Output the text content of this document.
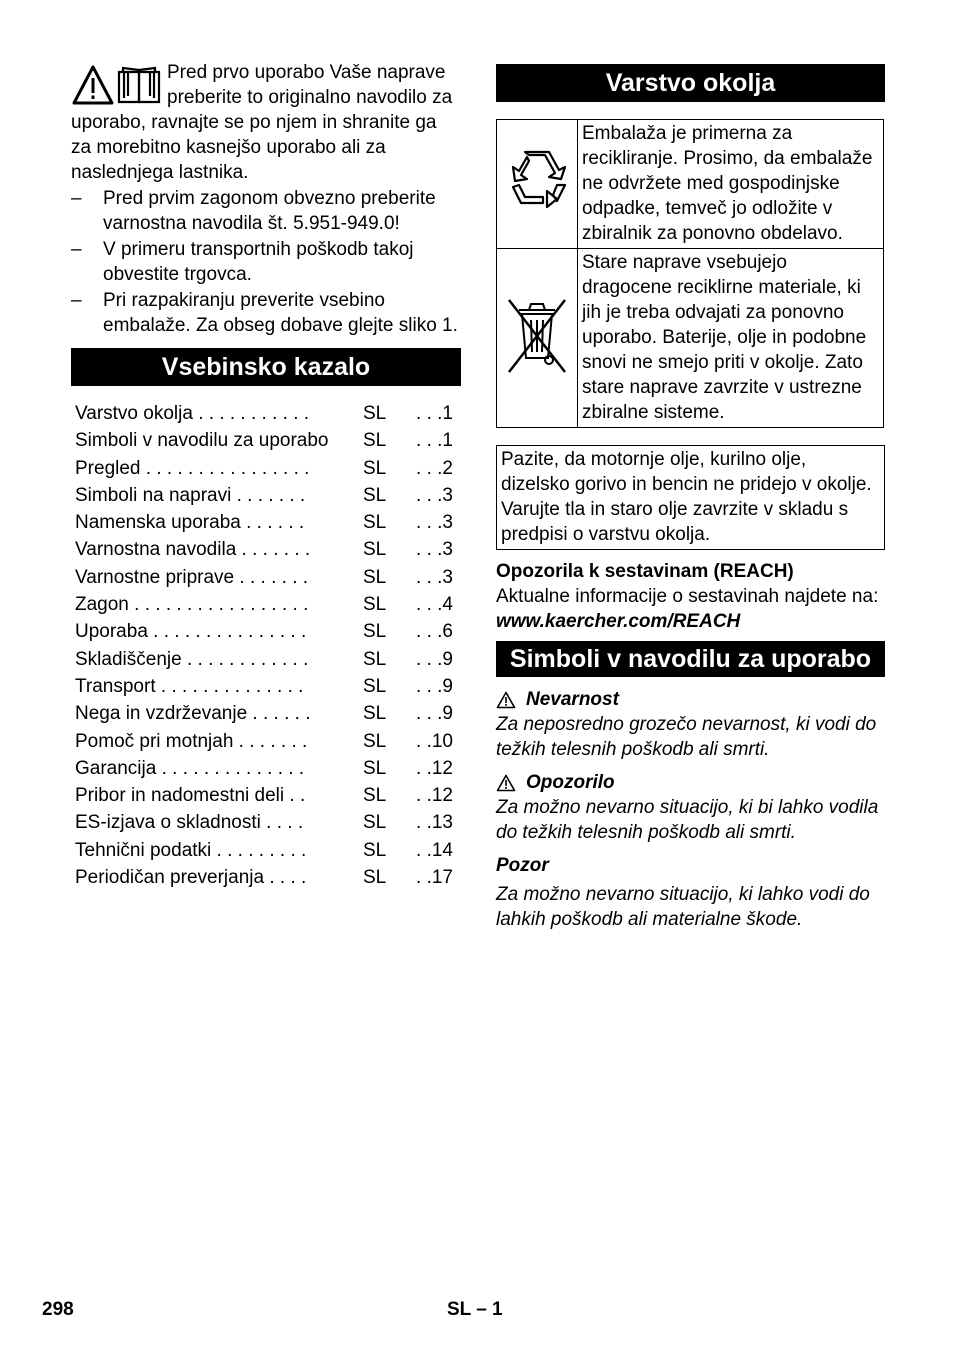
Pred prvo uporabo Vaše naprave preberite to originalno navodilo za uporabo, ravnajte se po njem in shranite ga za morebitno kasnejšo uporabo ali za naslednjega lastnika.

– Pred prvim zagonom obvezno preberite varnostna navodila št. 5.951-949.0!
– V primeru transportnih poškodb takoj obvestite trgovca.
– Pri razpakiranju preverite vsebino embalaže. Za obseg dobave glejte sliko 1.
Vsebinsko kazalo
Varstvo okolja . . . . . . . . . . .	SL	. . .1
Simboli v navodilu za uporabo	SL	. . .1
Pregled . . . . . . . . . . . . . . . .	SL	. . .2
Simboli na napravi . . . . . . .	SL	. . .3
Namenska uporaba . . . . . .	SL	. . .3
Varnostna navodila . . . . . . .	SL	. . .3
Varnostne priprave . . . . . . .	SL	. . .3
Zagon . . . . . . . . . . . . . . . . .	SL	. . .4
Uporaba . . . . . . . . . . . . . . .	SL	. . .6
Skladiščenje . . . . . . . . . . . .	SL	. . .9
Transport . . . . . . . . . . . . . .	SL	. . .9
Nega in vzdrževanje . . . . . .	SL	. . .9
Pomoč pri motnjah . . . . . . .	SL	. .10
Garancija . . . . . . . . . . . . . .	SL	. .12
Pribor in nadomestni deli . .	SL	. .12
ES-izjava o skladnosti . . . .	SL	. .13
Tehnični podatki . . . . . . . . .	SL	. .14
Periodičan preverjanja . . . .	SL	. .17
Varstvo okolja
	Embalaža je primerna za recikliranje. Prosimo, da embalaže ne odvržete med gospodinjske odpadke, temveč jo odložite v zbiralnik za ponovno obdelavo.
	Stare naprave vsebujejo dragocene reciklirne materiale, ki jih je treba odvajati za ponovno uporabo. Baterije, olje in podobne snovi ne smejo priti v okolje. Zato stare naprave zavrzite v ustrezne zbiralne sisteme.
Pazite, da motornje olje, kurilno olje, dizelsko gorivo in bencin ne pridejo v okolje. Varujte tla in staro olje zavrzite v skladu s predpisi o varstvu okolja.
Opozorila k sestavinam (REACH)
Aktualne informacije o sestavinah najdete na:
www.kaercher.com/REACH
Simboli v navodilu za uporabo
Nevarnost
Za neposredno grozečo nevarnost, ki vodi do težkih telesnih poškodb ali smrti.
Opozorilo
Za možno nevarno situacijo, ki bi lahko vodila do težkih telesnih poškodb ali smrti.
Pozor
Za možno nevarno situacijo, ki lahko vodi do lahkih poškodb ali materialne škode.
298	SL – 1
